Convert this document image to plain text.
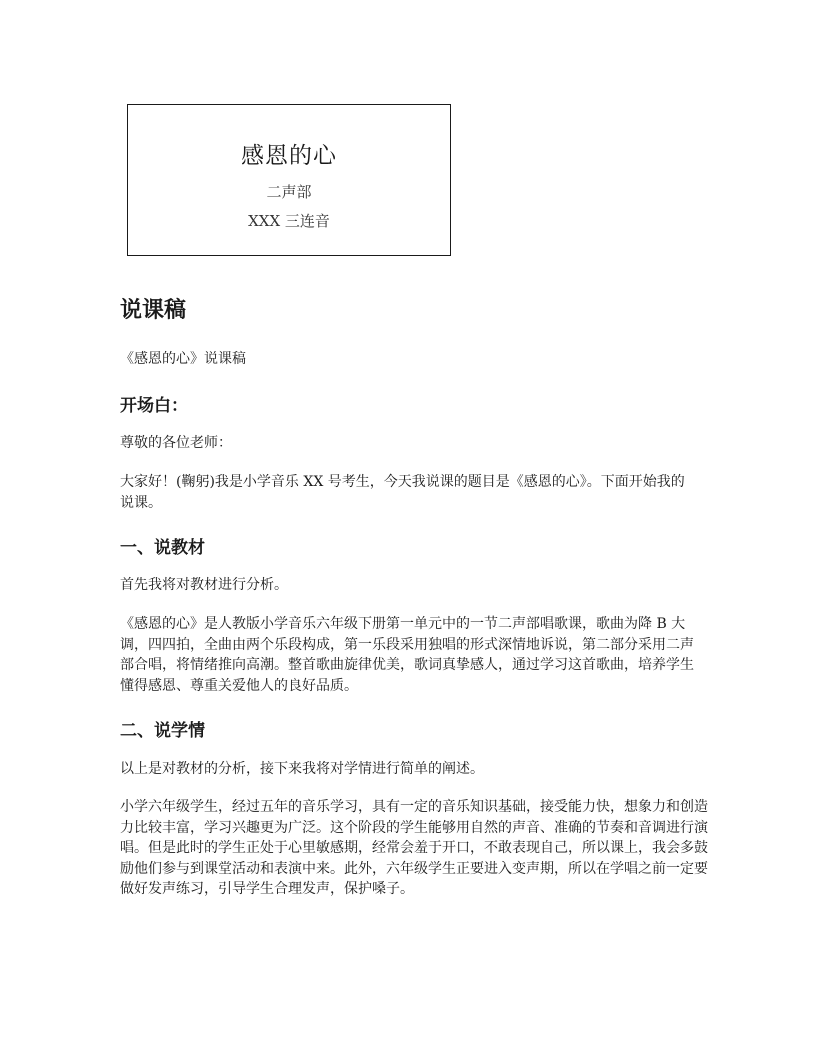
感恩的心
二声部
XXX 三连音
说课稿

《感恩的心》说课稿

开场白：

尊敬的各位老师：

大家好！(鞠躬)我是小学音乐 XX 号考生，今天我说课的题目是《感恩的心》。下面开始我的说课。

一、说教材

首先我将对教材进行分析。

《感恩的心》是人教版小学音乐六年级下册第一单元中的一节二声部唱歌课，歌曲为降 B 大调，四四拍，全曲由两个乐段构成，第一乐段采用独唱的形式深情地诉说，第二部分采用二声部合唱，将情绪推向高潮。整首歌曲旋律优美，歌词真挚感人，通过学习这首歌曲，培养学生懂得感恩、尊重关爱他人的良好品质。

二、说学情

以上是对教材的分析，接下来我将对学情进行简单的阐述。

小学六年级学生，经过五年的音乐学习，具有一定的音乐知识基础，接受能力快，想象力和创造力比较丰富，学习兴趣更为广泛。这个阶段的学生能够用自然的声音、准确的节奏和音调进行演唱。但是此时的学生正处于心里敏感期，经常会羞于开口，不敢表现自己，所以课上，我会多鼓励他们参与到课堂活动和表演中来。此外，六年级学生正要进入变声期，所以在学唱之前一定要做好发声练习，引导学生合理发声，保护嗓子。
